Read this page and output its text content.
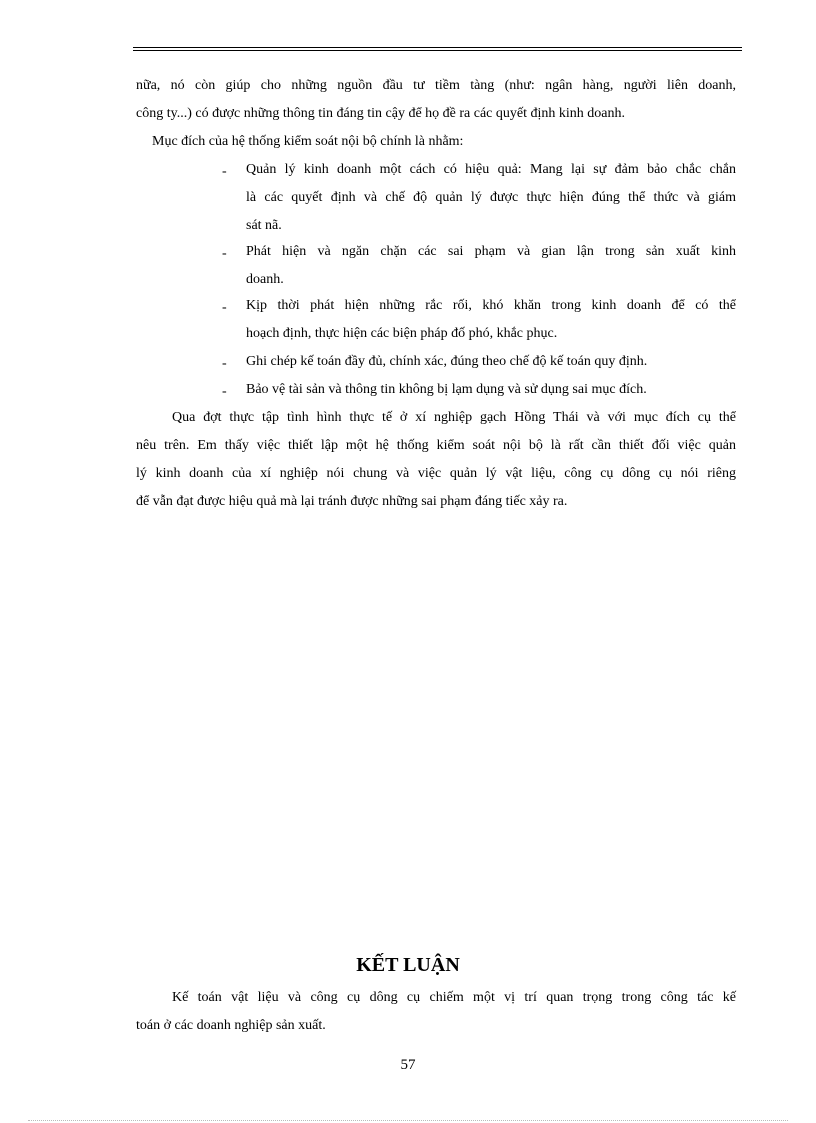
nữa, nó còn giúp cho những nguồn đầu tư tiềm tàng (như: ngân hàng, người liên doanh,
công ty...) có được những thông tin đáng tin cậy để họ đề ra các quyết định kinh doanh.
Mục đích của hệ thống kiểm soát nội bộ chính là nhằm:
- Quản lý kinh doanh một cách có hiệu quả: Mang lại sự đảm bảo chắc chắn
là các quyết định và chế độ quản lý được thực hiện đúng thể thức và giám
sát nã.
- Phát hiện và ngăn chặn các sai phạm và gian lận trong sản xuất kinh
doanh.
- Kịp thời phát hiện những rắc rối, khó khăn trong kinh doanh để có thể
hoạch định, thực hiện các biện pháp đố phó, khắc phục.
- Ghi chép kế toán đầy đủ, chính xác, đúng theo chế độ kế toán quy định.
- Bảo vệ tài sản và thông tin không bị lạm dụng và sử dụng sai mục đích.
Qua đợt thực tập tình hình thực tế ở xí nghiệp gạch Hồng Thái và với mục đích cụ thể
nêu trên. Em thấy việc thiết lập một hệ thống kiểm soát nội bộ là rất cần thiết đối việc quản
lý kinh doanh của xí nghiệp nói chung và việc quản lý vật liệu, công cụ dông cụ nói riêng
để vẫn đạt được hiệu quả mà lại tránh được những sai phạm đáng tiếc xảy ra.
KẾT LUẬN
Kế toán vật liệu và công cụ dông cụ chiếm một vị trí quan trọng trong công tác kế
toán ở các doanh nghiệp sản xuất.
57
